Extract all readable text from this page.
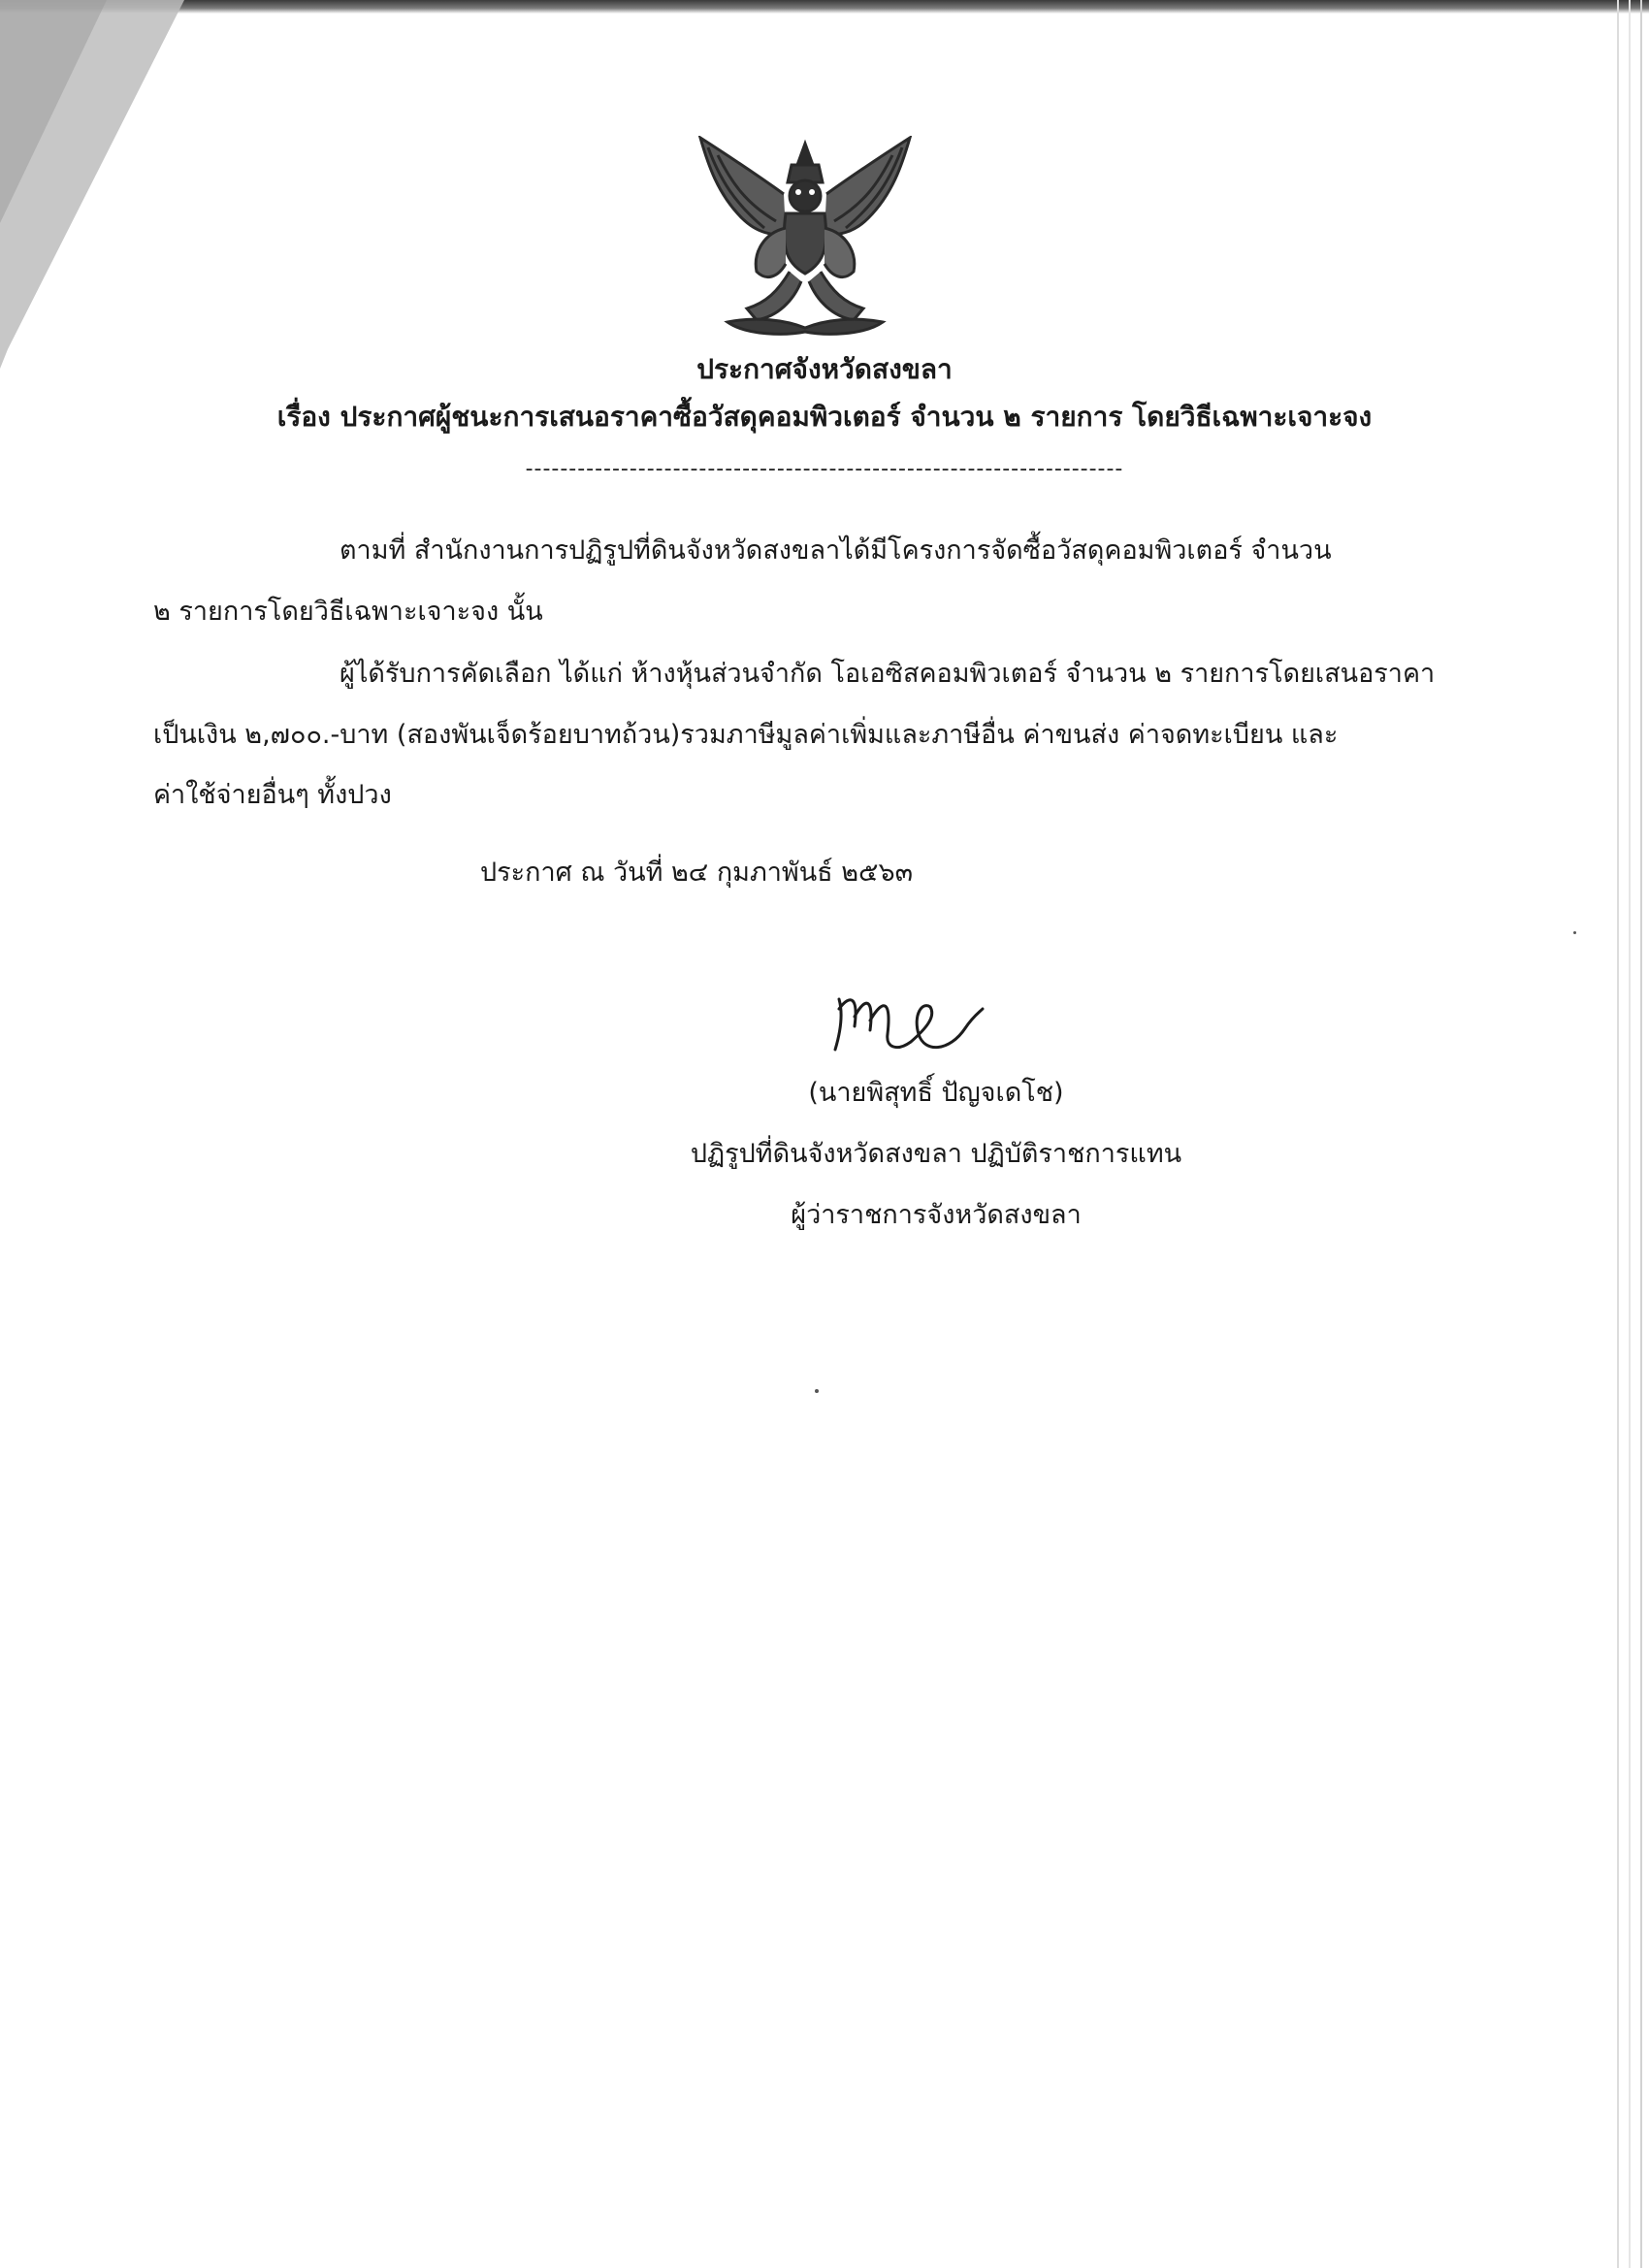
ประกาศจังหวัดสงขลา
เรื่อง ประกาศผู้ชนะการเสนอราคาซื้อวัสดุคอมพิวเตอร์ จำนวน ๒ รายการ โดยวิธีเฉพาะเจาะจง
---------------------------------------------------------------------
ตามที่ สำนักงานการปฏิรูปที่ดินจังหวัดสงขลาได้มีโครงการจัดซื้อวัสดุคอมพิวเตอร์ จำนวน
๒ รายการโดยวิธีเฉพาะเจาะจง นั้น
ผู้ได้รับการคัดเลือก ได้แก่ ห้างหุ้นส่วนจำกัด โอเอซิสคอมพิวเตอร์ จำนวน ๒ รายการโดยเสนอราคา
เป็นเงิน ๒,๗๐๐.-บาท (สองพันเจ็ดร้อยบาทถ้วน)รวมภาษีมูลค่าเพิ่มและภาษีอื่น ค่าขนส่ง ค่าจดทะเบียน และ
ค่าใช้จ่ายอื่นๆ ทั้งปวง
ประกาศ ณ วันที่ ๒๔ กุมภาพันธ์ ๒๕๖๓
(นายพิสุทธิ์ ปัญจเดโช)
ปฏิรูปที่ดินจังหวัดสงขลา ปฏิบัติราชการแทน
ผู้ว่าราชการจังหวัดสงขลา
